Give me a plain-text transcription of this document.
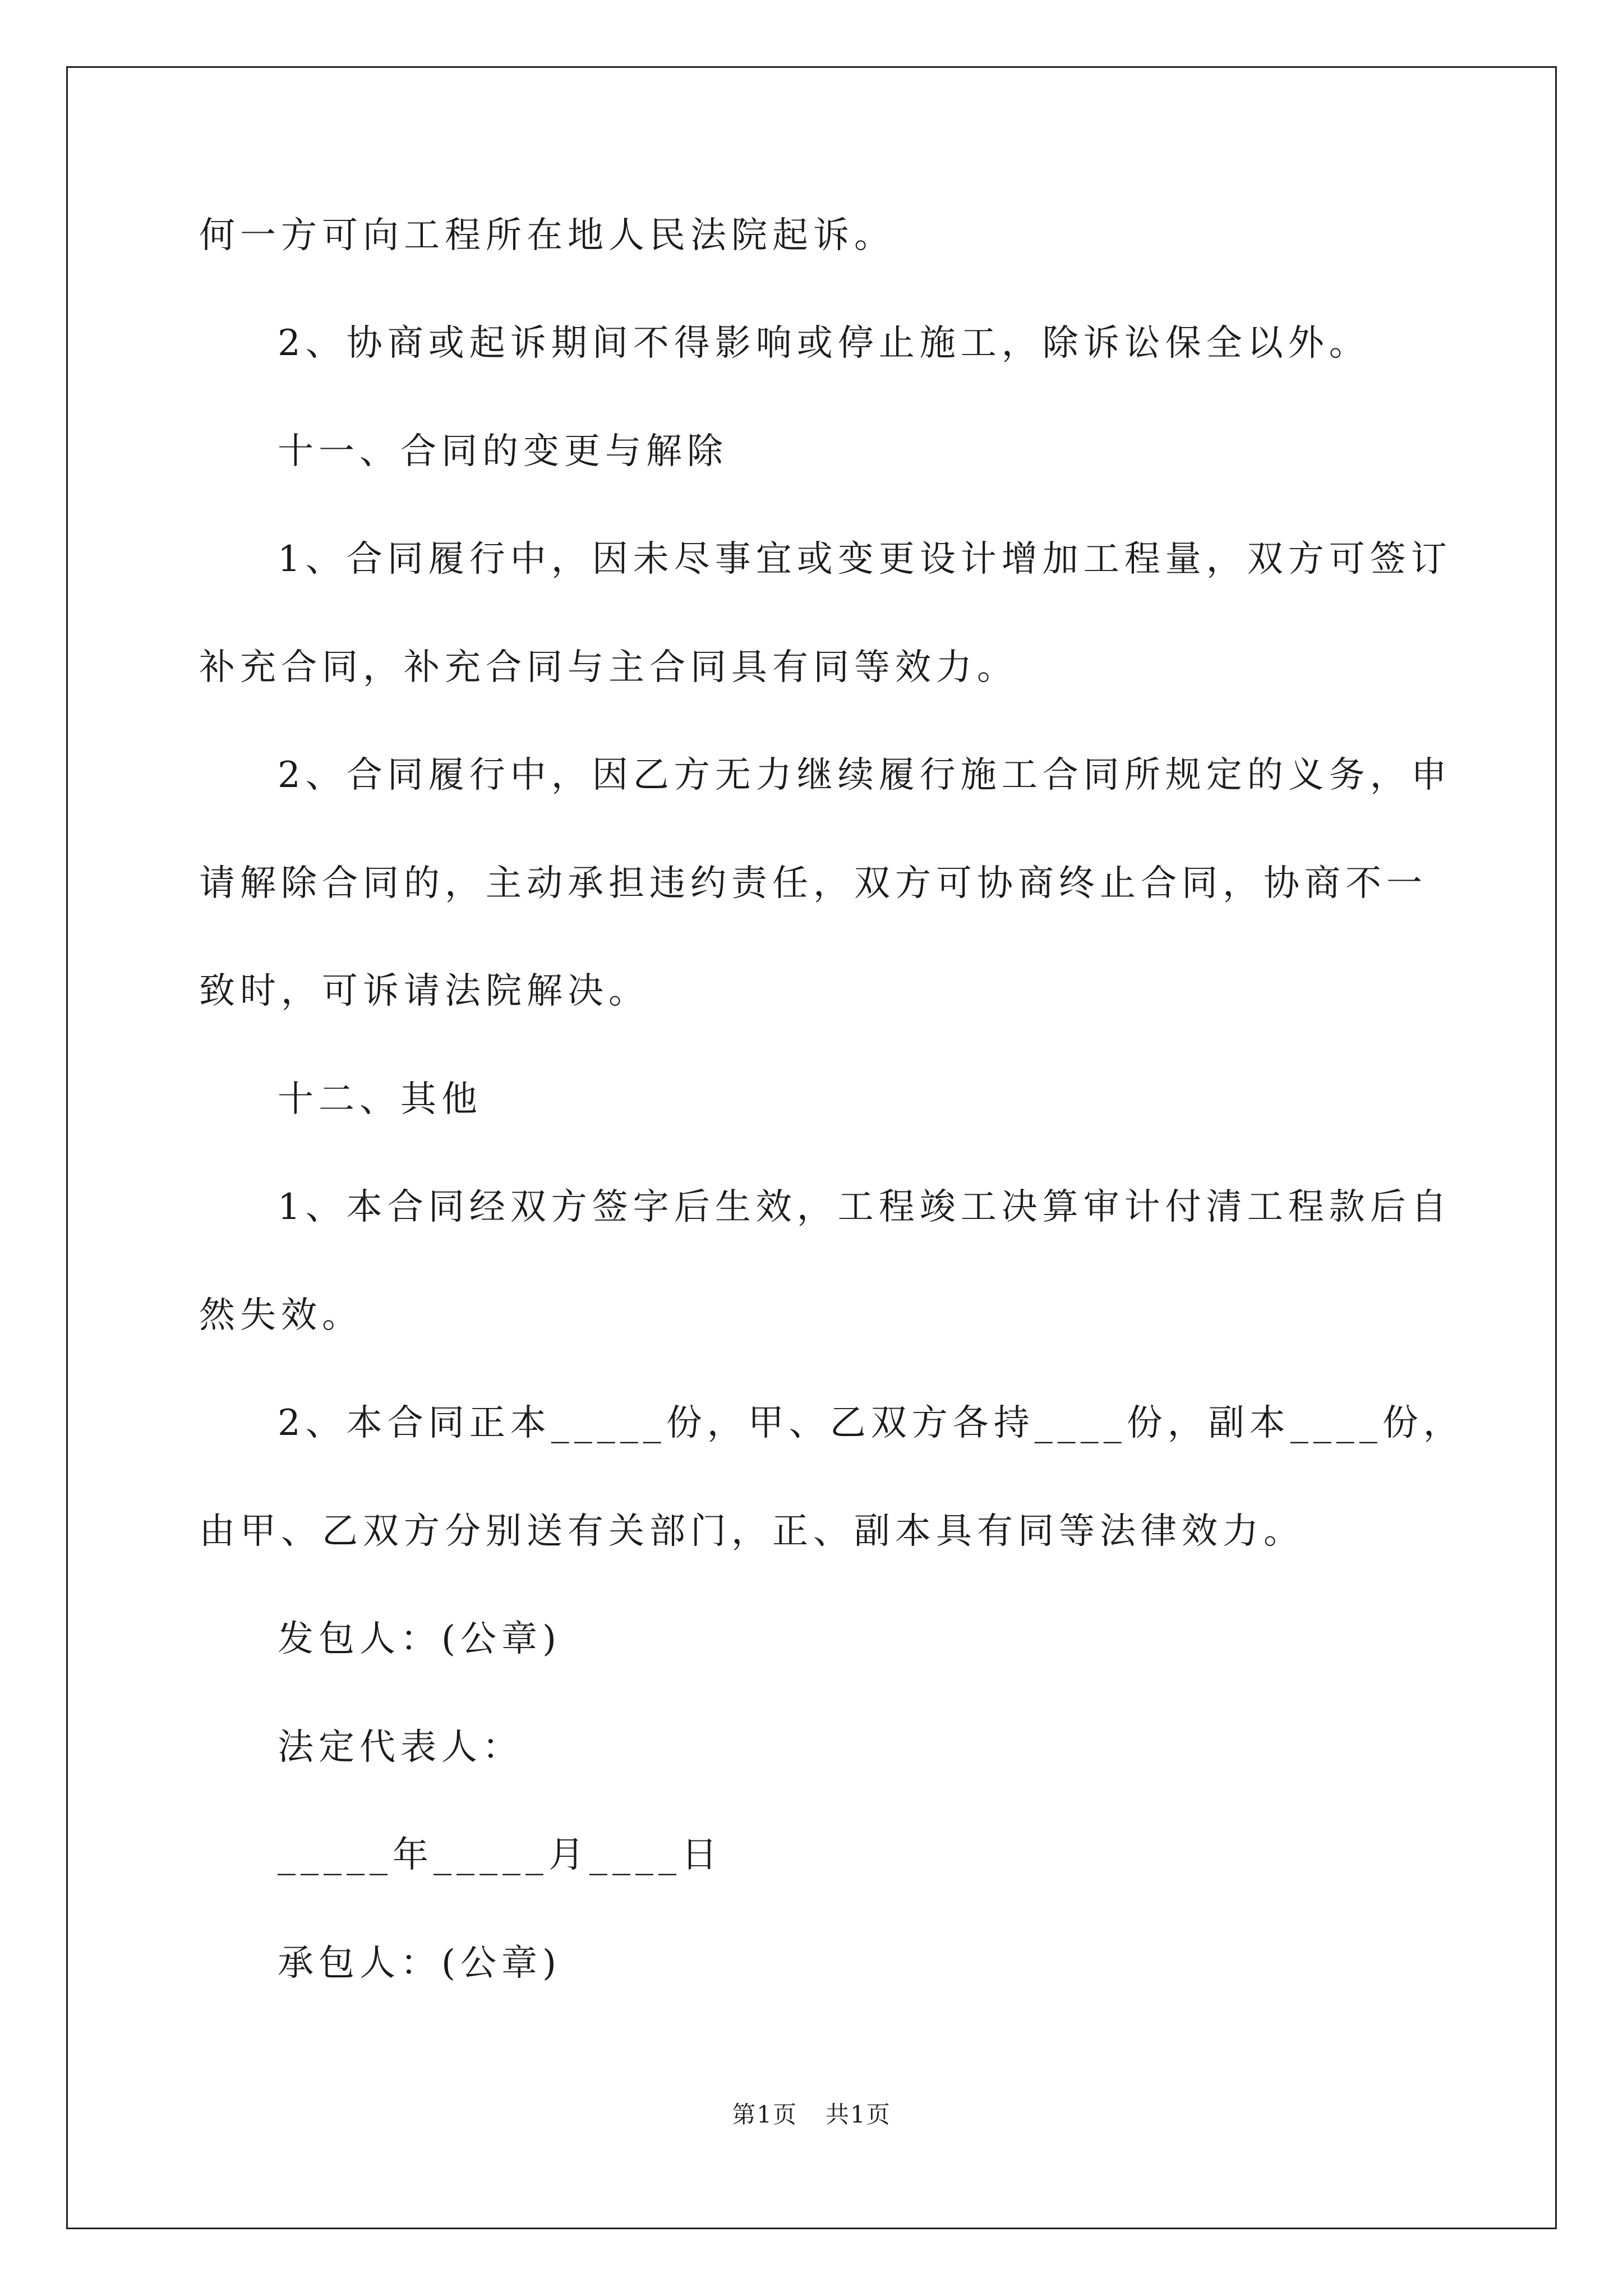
何一方可向工程所在地人民法院起诉。
2、协商或起诉期间不得影响或停止施工，除诉讼保全以外。
十一、合同的变更与解除
1、合同履行中，因未尽事宜或变更设计增加工程量，双方可签订
补充合同，补充合同与主合同具有同等效力。
2、合同履行中，因乙方无力继续履行施工合同所规定的义务，申
请解除合同的，主动承担违约责任，双方可协商终止合同，协商不一
致时，可诉请法院解决。
十二、其他
1、本合同经双方签字后生效，工程竣工决算审计付清工程款后自
然失效。
2、本合同正本_____份，甲、乙双方各持____份，副本____份，
由甲、乙双方分别送有关部门，正、副本具有同等法律效力。
发包人：(公章)
法定代表人：
_____年_____月____日
承包人：(公章)
第1页 共1页
